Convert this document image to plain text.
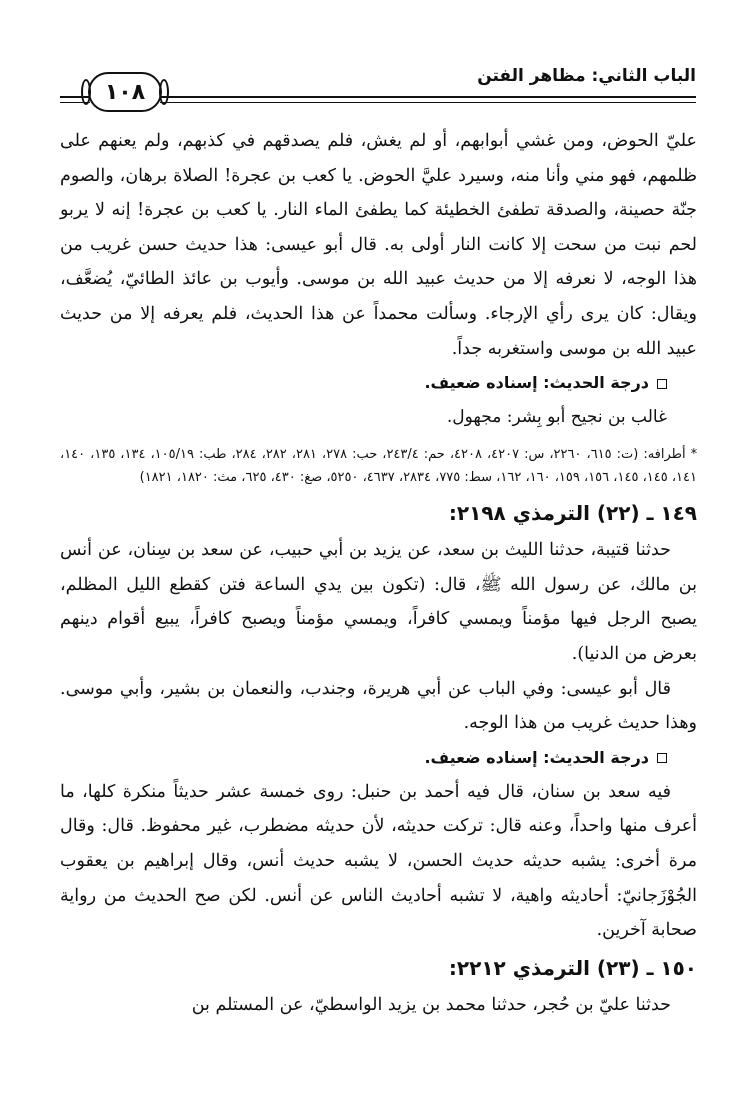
الباب الثاني: مظاهر الفتن
١٠٨

عليّ الحوض، ومن غشي أبوابهم، أو لم يغش، فلم يصدقهم في كذبهم، ولم يعنهم على ظلمهم، فهو مني وأنا منه، وسيرد عليَّ الحوض. يا كعب بن عجرة! الصلاة برهان، والصوم جنّة حصينة، والصدقة تطفئ الخطيئة كما يطفئ الماء النار. يا كعب بن عجرة! إنه لا يربو لحم نبت من سحت إلا كانت النار أولى به. قال أبو عيسى: هذا حديث حسن غريب من هذا الوجه، لا نعرفه إلا من حديث عبيد الله بن موسى. وأيوب بن عائذ الطائيّ، يُضعَّف، ويقال: كان يرى رأي الإرجاء. وسألت محمداً عن هذا الحديث، فلم يعرفه إلا من حديث عبيد الله بن موسى واستغربه جداً.

درجة الحديث: إسناده ضعيف.

غالب بن نجيح أبو بِشر: مجهول.

* أطرافه: (ت: ٦١٥، ٢٢٦٠، س: ٤٢٠٧، ٤٢٠٨، حم: ٢٤٣/٤، حب: ٢٧٨، ٢٨١، ٢٨٢، ٢٨٤، طب: ١٠٥/١٩، ١٣٤، ١٣٥، ١٤٠، ١٤١، ١٤٥، ١٤٥، ١٥٦، ١٥٩، ١٦٠، ١٦٢، سط: ٧٧٥، ٢٨٣٤، ٤٦٣٧، ٥٢٥٠، صغ: ٤٣٠، ٦٢٥، مث: ١٨٢٠، ١٨٢١)

١٤٩ ـ (٢٢) الترمذي ٢١٩٨:

حدثنا قتيبة، حدثنا الليث بن سعد، عن يزيد بن أبي حبيب، عن سعد بن سِنان، عن أنس بن مالك، عن رسول الله ﷺ، قال: (تكون بين يدي الساعة فتن كقطع الليل المظلم، يصبح الرجل فيها مؤمناً ويمسي كافراً، ويمسي مؤمناً ويصبح كافراً، يبيع أقوام دينهم بعرض من الدنيا).

قال أبو عيسى: وفي الباب عن أبي هريرة، وجندب، والنعمان بن بشير، وأبي موسى. وهذا حديث غريب من هذا الوجه.

درجة الحديث: إسناده ضعيف.

فيه سعد بن سنان، قال فيه أحمد بن حنبل: روى خمسة عشر حديثاً منكرة كلها، ما أعرف منها واحداً، وعنه قال: تركت حديثه، لأن حديثه مضطرب، غير محفوظ. قال: وقال مرة أخرى: يشبه حديثه حديث الحسن، لا يشبه حديث أنس، وقال إبراهيم بن يعقوب الجُوْزَجانيّ: أحاديثه واهية، لا تشبه أحاديث الناس عن أنس. لكن صح الحديث من رواية صحابة آخرين.

١٥٠ ـ (٢٣) الترمذي ٢٢١٢:

حدثنا عليّ بن حُجر، حدثنا محمد بن يزيد الواسطيّ، عن المستلم بن
